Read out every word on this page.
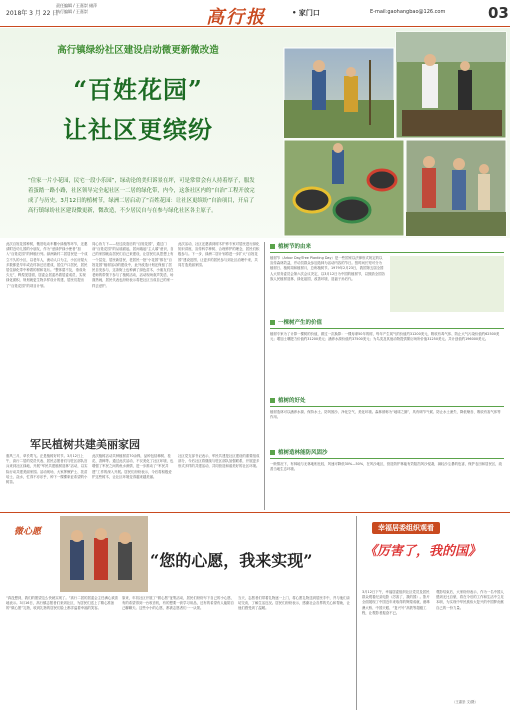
2018年 3 月 22 日
责任编辑 / 王嘉崇 储萍
执行编辑 / 王嘉崇	高行报	• 家门口	E-mail:gaohangbao@126.com	03
高行镇绿纷社区建设启动微更新微改造
“百姓花园”
让社区更缤纷
“住家一片小花园，民宅一段小乐园”，绿动论的美归诉景在坪，可是常常会有人持着厚子，服发着蛋踏一路小路，社区领导完全起社区一二居的绿化带，内今，这条社区内的“自治”工程开放完成了与历史。3月12日的植树节，绿洲二居启动了“百姓花园：让社区更缤纷”自治项目，开启了高行镇绿纷社区建设微更新，微改造，不少居民自与在参与绿化社区各主原子。
此次百姓花园种树，搬旧电动车棚小绿植等环节，还邀请附近幼儿园的小朋友，作为“爱绿护绿小使者”加入“百姓花园”的种植行列。绿洲新村二居居民是一个成立不久的小区，以老年人，流动人口为主，小区房屋大多数都是早年或农村拆迁后建成，居住户口居民，居民居住绿化带中种着的树和花坛。“整体碧不及，垂成朵久无”，辉煌见居面，居委会居委吊着居委成员，实现绿化面积，规划就更生物多样设计的建，居民们提出了“百姓花园”的项目计划。
同心协力下——经过改造后的“百姓花园”，通过门前“百姓花园”的从墙面起，居间墙起“主人翁”意识，自己的家园就由居民们自己来建设，让居民们从思想上有一个层变，居民新居民，老居民一批“小花园”都在“百姓花园”植树活动的建设中，此外改造计划还保留了居民自发参与，这条街上也种满了绿色苗木，小朋友们在老师的带领下参与了植树活动，活动现场欢声笑语，场面热闹，居民代表也纷纷表示将把社区当成自己的家一样去爱护。
此次活动，社区还邀请到树木护养专家对居民进行绿化知识讲座，宣传科学种树、合理养护的理念，居民们积极参与。下一步，绿洲二居计划将进一步扩大“百姓花园”建设范围，让更多的居民参与到社区治理中来，共同打造美丽家园。
军民植树共建美丽家园
惠风三月，草长莺飞。正是植树好时节。3月12日上午，高行二居的党员代表、居民志愿者们与驻区部队官兵来到社区绿地，开展“军民共建植树造林”活动，以实际行动共建美丽家园。活动现场，大家挥锹铲土、扶苗培土、浇水，忙得不亦乐乎，种下一棵棵象征希望的小树苗。
此次植树活动共种植树苗70余株，品种包括樟树、桂花、香樟等。通过此次活动，不仅美化了社区环境，也增强了军民之间的鱼水深情，进一步推动了“军民共建”工作的深入开展。居民们纷纷表示，今后将积极爱护这些树木，让社区环境变得越来越美丽。
社区党支部书记表示，军民共建是社区建设的重要组成部分，今后社区将继续与驻区部队加强联系，开展更多形式多样的共建活动，共同营造和谐美好的社区环境。
植树节的由来
植树节（Arbor Day/Tree Planting Day）是一些国家以法律形式规定的以宣传森林效益，并动员群众参加造林为活动内容的节日。按时间长短可分为植树日、植树周和植树月，总称植树节。1979年2月23日，我国第五届全国人大常务委员会第六次会议决定，以3月12日为中国的植树节，以鼓励全国各族人民植树造林，绿化祖国，改善环境，造福子孙后代。
一棵树产生的价值
植树专家为了计算一棵树的价值，做过一次换算：一棵寿命50年的树，每年产生氧气的价值约31200美元，吸收有毒气体、防止大气污染价值约62500美元；增加土壤肥力价值约31200美元；涵养水源价值约37500美元；为鸟类及其他动物提供繁衍场所价值31250美元。共计创值约196000美元。
植树的好处
植树造林可以涵养水源、保持水土、防风固沙、净化空气、美化环境。森林被称为“地球之肺”，具有调节气候、防止水土流失、降低噪音、吸收有害气体等作用。
植树造林能防风固沙
一般情况下，有林地与无林地相比较，风速可降低30%—50%，在风沙地区，营造防护林能有效阻挡风沙侵袭，减轻沙尘暴的危害，保护农田和居民区，改善当地生态环境。
微心愿
“您的心愿，我来实现”
“真没想到，我们的愿望这么快就实现了。”高行二居的居委会主任满心欢喜地表示。3月16日，高行镇志愿者们来到社区，为居民们送上了精心准备的“微心愿”礼物，收到礼物的居民们脸上都洋溢着幸福的笑容。
原来，年初社区开展了“微心愿”征集活动，居民们纷纷写下自己的小心愿，有的希望得到一台收音机，有的想要一套学习用品，还有的希望有人能陪自己聊聊天。这些小小的心愿，都被志愿者们一一认领。
当天，志愿者们带着礼物逐一上门，将心愿礼物送到居民手中，并与他们亲切交谈，了解生活近况。居民们纷纷表示，感谢社会各界的关心和帮助，让他们感受到了温暖。
幸福居委组织观看
《厉害了，我的国》
3月12日下午，幸福居委组织社区党员及居民群众观看纪录电影《厉害了，我的国》。影片全面展现了中国近年来取得的辉煌成就，港珠澳大桥、中国天眼、“复兴号”高铁等超级工程，让观影者振奋不已。
观影结束后，大家纷纷表示，作为一名中国人感到无比自豪，将在今后的工作和生活中立足本职，为实现中华民族伟大复兴的中国梦贡献自己的一份力量。
（王嘉崇 文/摄）
